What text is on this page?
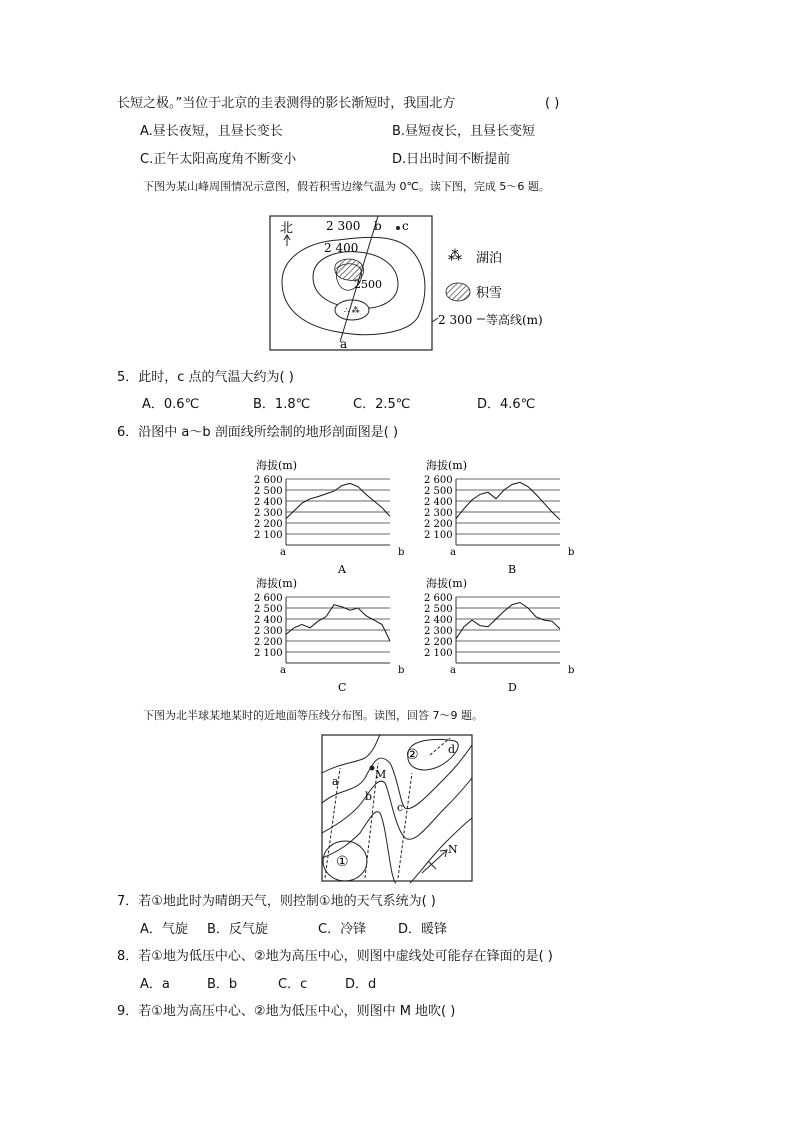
长短之极。”当位于北京的圭表测得的影长渐短时，我国北方	( )
A.昼长夜短，且昼长变长	B.昼短夜长，且昼长变短
C.正午太阳高度角不断变小	D.日出时间不断提前
下图为某山峰周围情况示意图，假若积雪边缘气温为 0℃。读下图，完成 5～6 题。
北
∴ ⁂
2 300
2 400
2500
b c
a
⁂ 湖泊
积雪
2 300 等高线(m)
5．此时，c 点的气温大约为( )
A．0.6℃	B．1.8℃	C．2.5℃	D．4.6℃
6．沿图中 a～b 剖面线所绘制的地形剖面图是( )
海拔(m)
2 600
2 500
2 400
2 300
2 200
2 100
a	b
A
海拔(m)
2 600
2 500
2 400
2 300
2 200
2 100
a	b
B
海拔(m)
2 600
2 500
2 400
2 300
2 200
2 100
a	b
C
海拔(m)
2 600
2 500
2 400
2 300
2 200
2 100
a	b
D
下图为北半球某地某时的近地面等压线分布图。读图，回答 7～9 题。
M
a
b
c
d
①
②
N
7．若①地此时为晴朗天气，则控制①地的天气系统为( )
A．气旋 B．反气旋	C．冷锋 D．暖锋
8．若①地为低压中心、②地为高压中心，则图中虚线处可能存在锋面的是( )
A．a	B．b	C．c	D．d
9．若①地为高压中心、②地为低压中心，则图中 M 地吹( )
